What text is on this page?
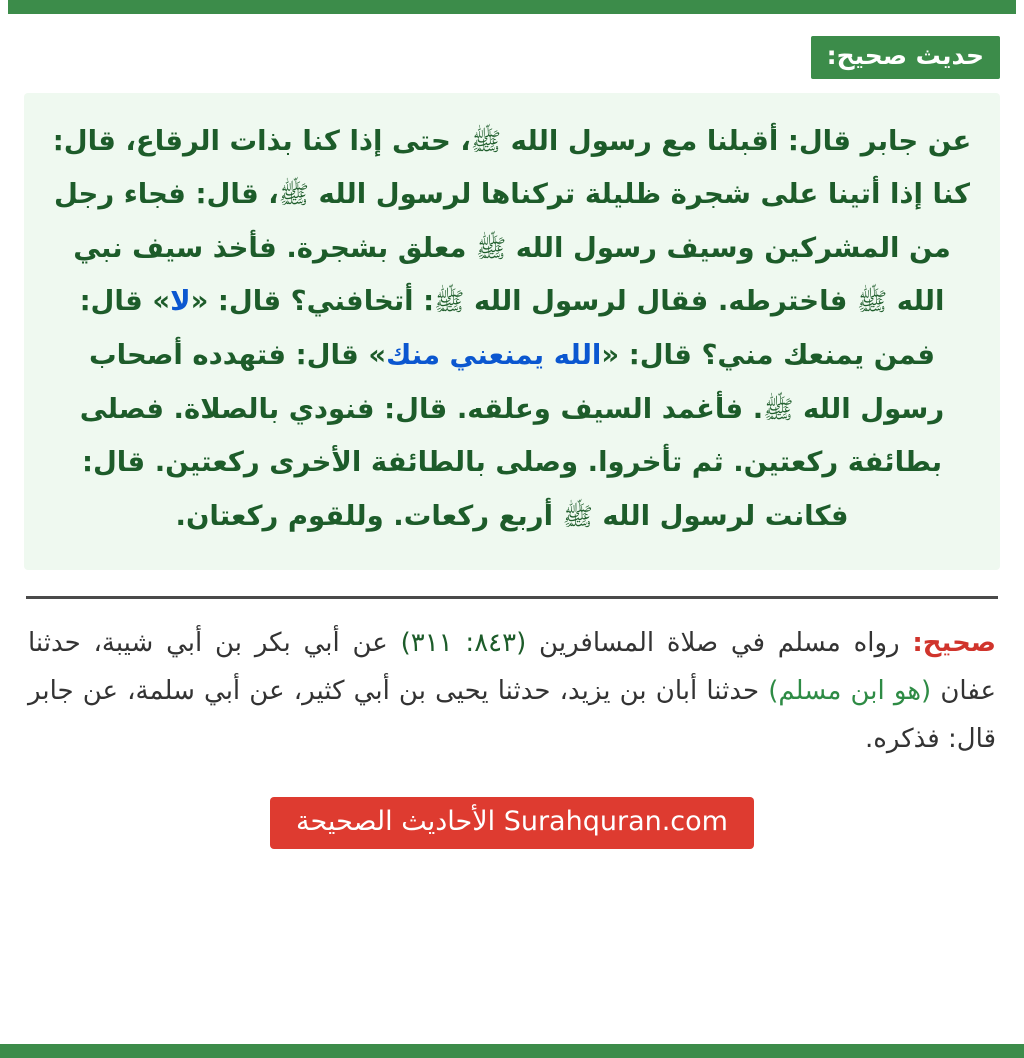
حديث صحيح:
عن جابر قال: أقبلنا مع رسول الله ﷺ، حتى إذا كنا بذات الرقاع، قال: كنا إذا أتينا على شجرة ظليلة تركناها لرسول الله ﷺ، قال: فجاء رجل من المشركين وسيف رسول الله ﷺ معلق بشجرة. فأخذ سيف نبي الله ﷺ فاخترطه. فقال لرسول الله ﷺ: أتخافني؟ قال: «لا» قال: فمن يمنعك مني؟ قال: «الله يمنعني منك» قال: فتهدده أصحاب رسول الله ﷺ. فأغمد السيف وعلقه. قال: فنودي بالصلاة. فصلى بطائفة ركعتين. ثم تأخروا. وصلى بالطائفة الأخرى ركعتين. قال: فكانت لرسول الله ﷺ أربع ركعات. وللقوم ركعتان.
صحيح: رواه مسلم في صلاة المسافرين (٨٤٣: ٣١١) عن أبي بكر بن أبي شيبة، حدثنا عفان (هو ابن مسلم) حدثنا أبان بن يزيد، حدثنا يحيى بن أبي كثير، عن أبي سلمة، عن جابر قال: فذكره.
Surahquran.com الأحاديث الصحيحة
